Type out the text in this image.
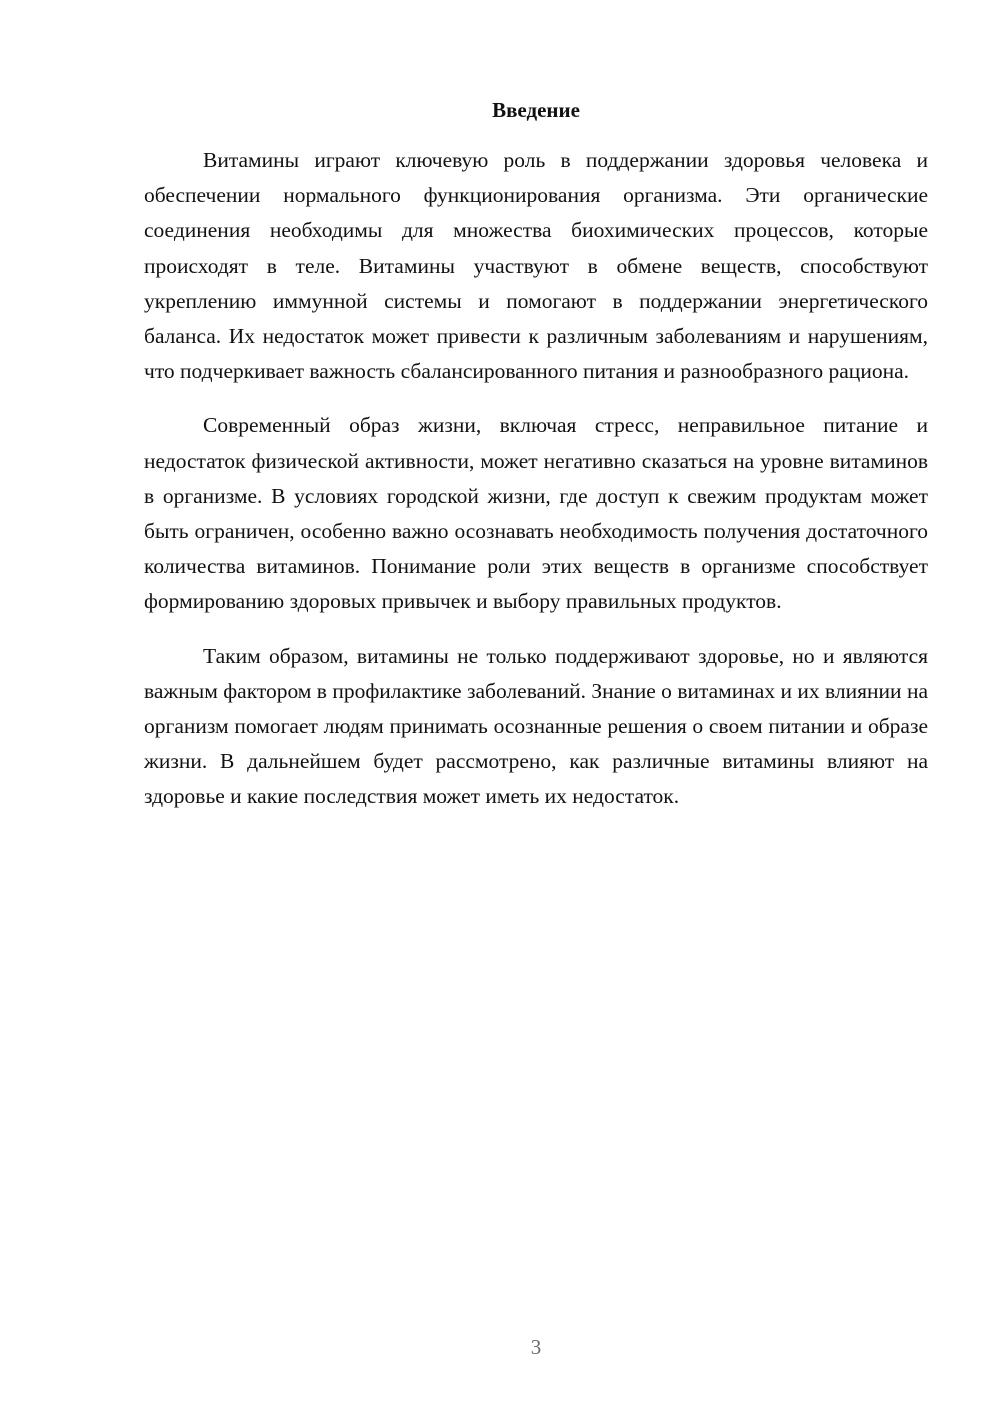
Введение

Витамины играют ключевую роль в поддержании здоровья человека и обеспечении нормального функционирования организма. Эти органические соединения необходимы для множества биохимических процессов, которые происходят в теле. Витамины участвуют в обмене веществ, способствуют укреплению иммунной системы и помогают в поддержании энергетического баланса. Их недостаток может привести к различным заболеваниям и нарушениям, что подчеркивает важность сбалансированного питания и разнообразного рациона.

Современный образ жизни, включая стресс, неправильное питание и недостаток физической активности, может негативно сказаться на уровне витаминов в организме. В условиях городской жизни, где доступ к свежим продуктам может быть ограничен, особенно важно осознавать необходимость получения достаточного количества витаминов. Понимание роли этих веществ в организме способствует формированию здоровых привычек и выбору правильных продуктов.

Таким образом, витамины не только поддерживают здоровье, но и являются важным фактором в профилактике заболеваний. Знание о витаминах и их влиянии на организм помогает людям принимать осознанные решения о своем питании и образе жизни. В дальнейшем будет рассмотрено, как различные витамины влияют на здоровье и какие последствия может иметь их недостаток.

3
